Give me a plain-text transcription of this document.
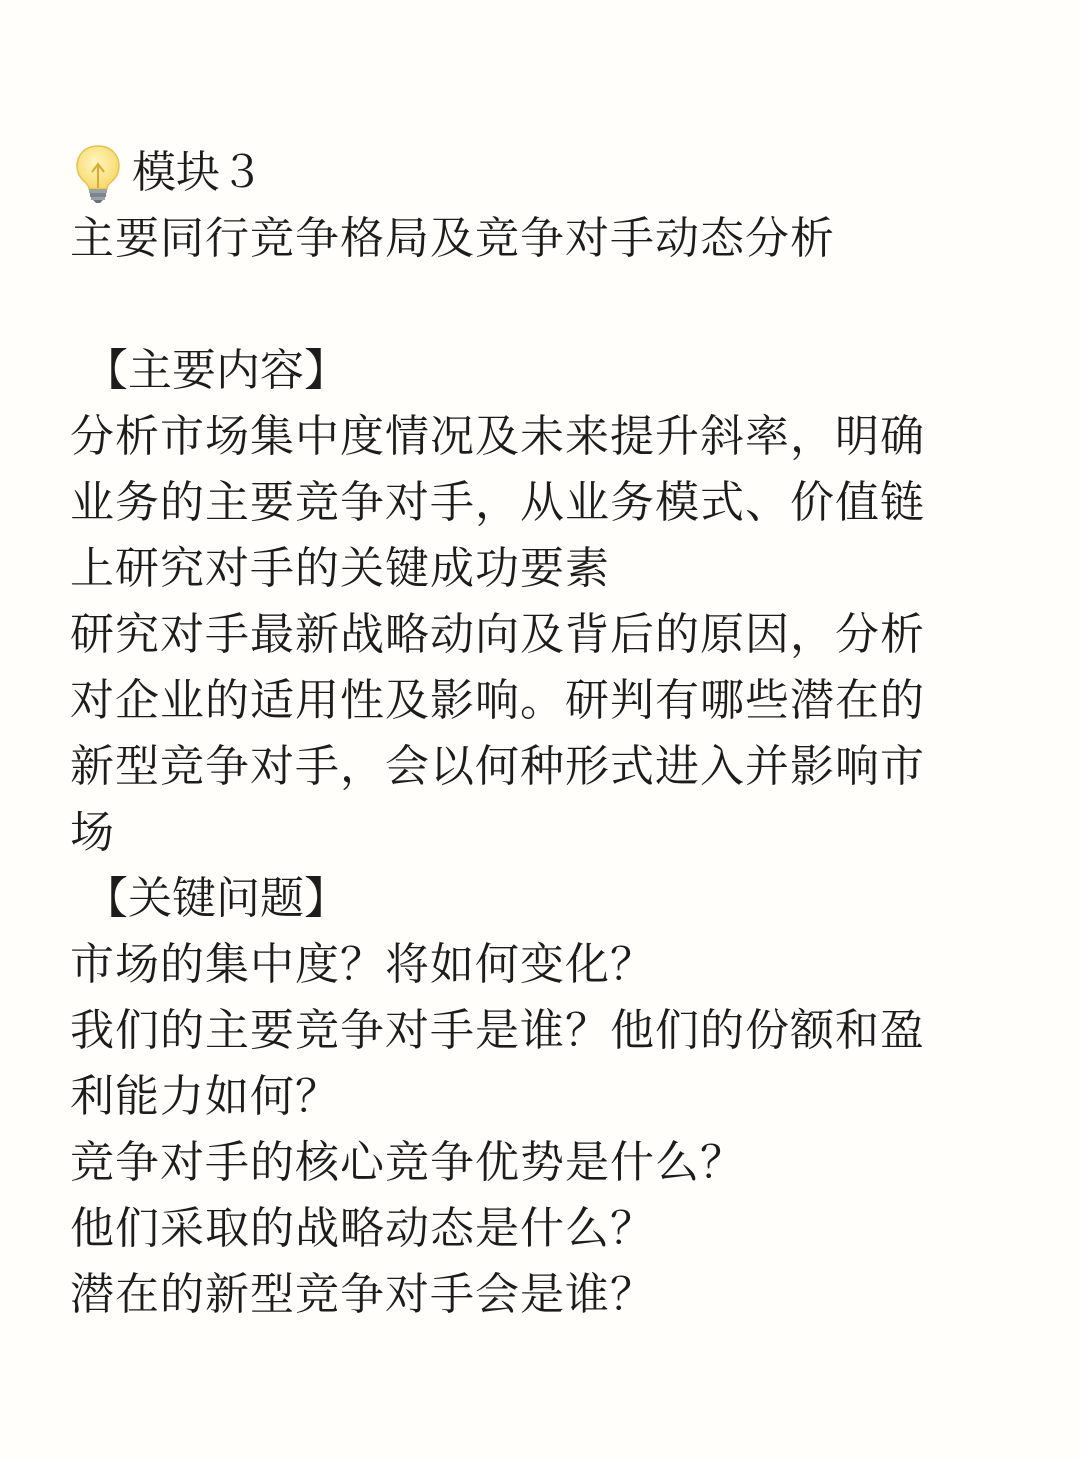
模块３
主要同行竞争格局及竞争对手动态分析
【主要内容】
分析市场集中度情况及未来提升斜率，明确
业务的主要竞争对手，从业务模式、价值链
上研究对手的关键成功要素
研究对手最新战略动向及背后的原因，分析
对企业的适用性及影响。研判有哪些潜在的
新型竞争对手，会以何种形式进入并影响市
场
【关键问题】
市场的集中度？将如何变化？
我们的主要竞争对手是谁？他们的份额和盈
利能力如何？
竞争对手的核心竞争优势是什么？
他们采取的战略动态是什么？
潜在的新型竞争对手会是谁？
